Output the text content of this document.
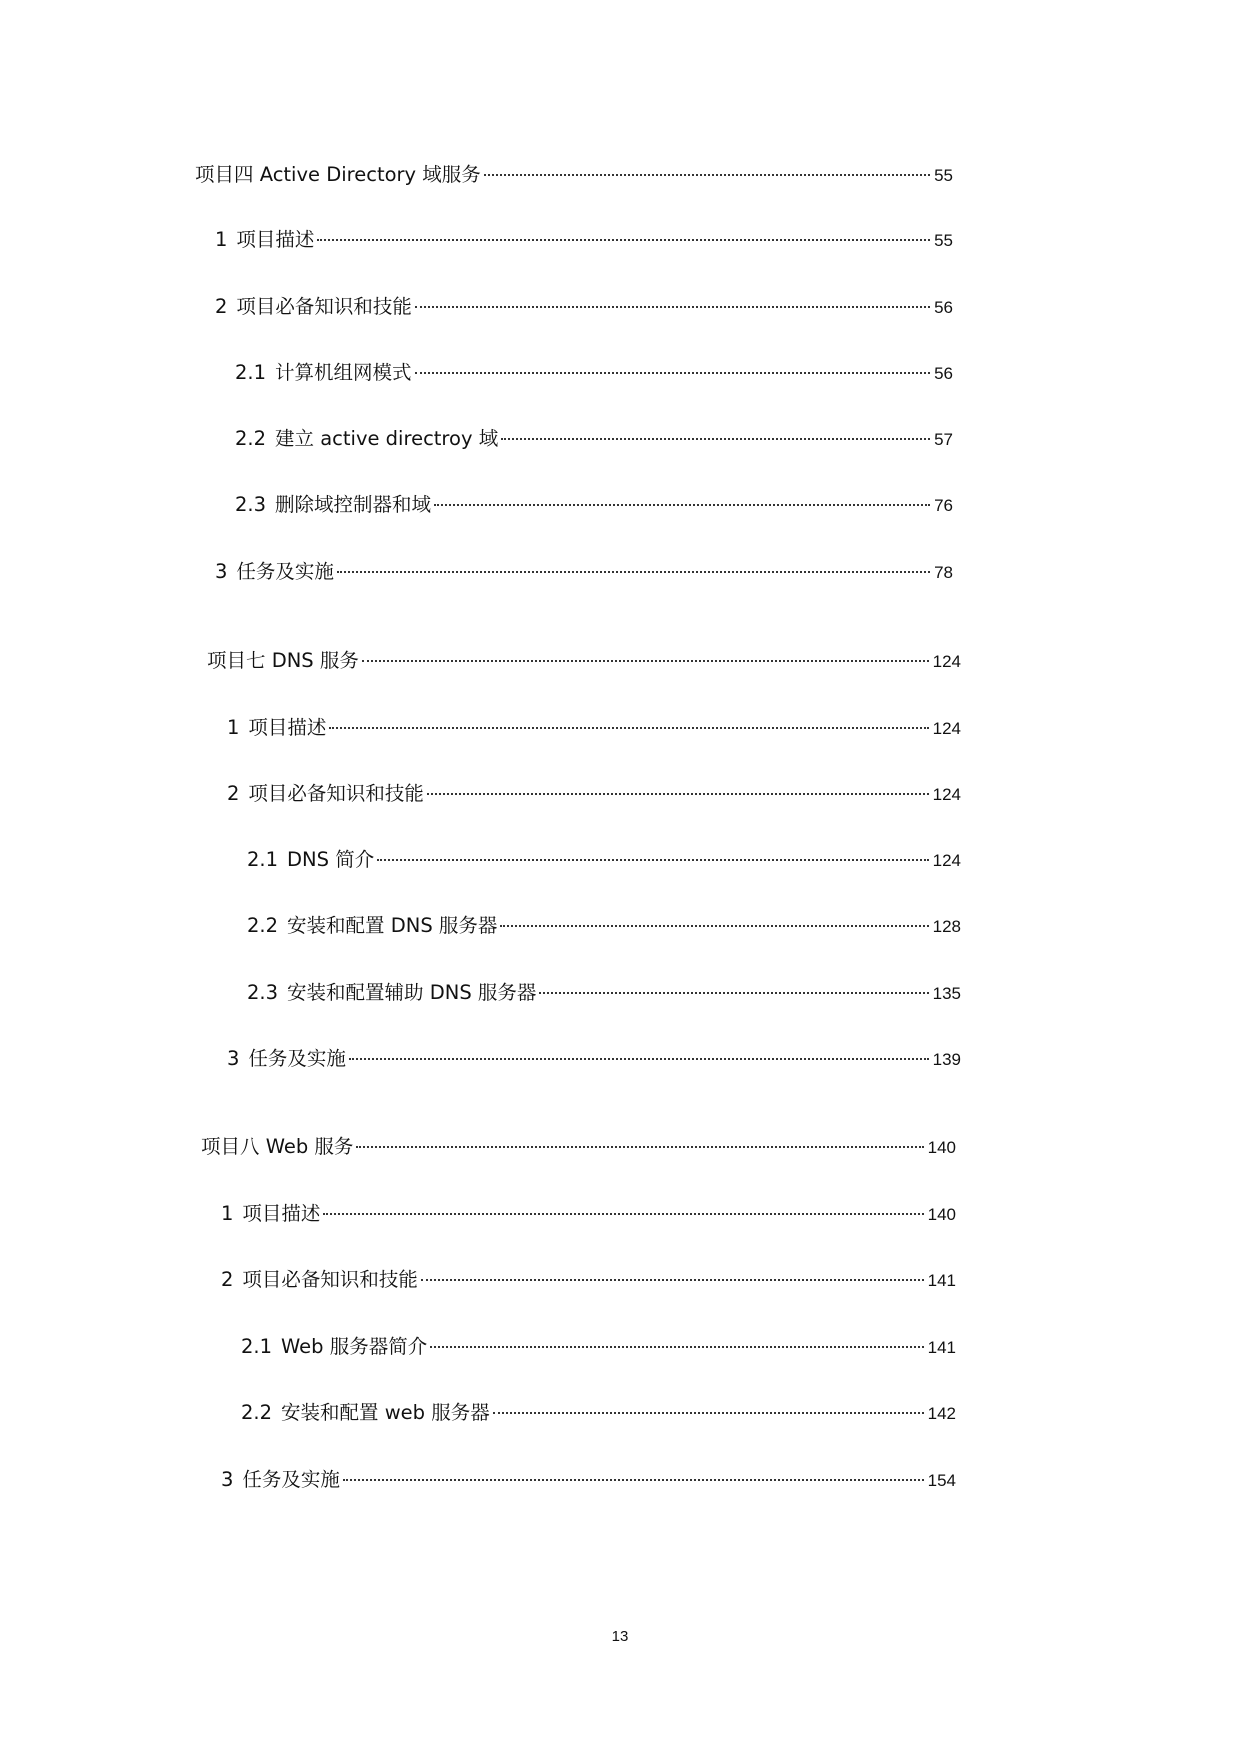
项目四 Active Directory 域服务	55
1 项目描述	55
2 项目必备知识和技能	56
2.1 计算机组网模式	56
2.2 建立 active directroy 域	57
2.3 删除域控制器和域	76
3 任务及实施	78
项目七 DNS 服务	124
1 项目描述	124
2 项目必备知识和技能	124
2.1 DNS 简介	124
2.2 安装和配置 DNS 服务器	128
2.3 安装和配置辅助 DNS 服务器	135
3 任务及实施	139
项目八 Web 服务	140
1 项目描述	140
2 项目必备知识和技能	141
2.1 Web 服务器简介	141
2.2 安装和配置 web 服务器	142
3 任务及实施	154
13
